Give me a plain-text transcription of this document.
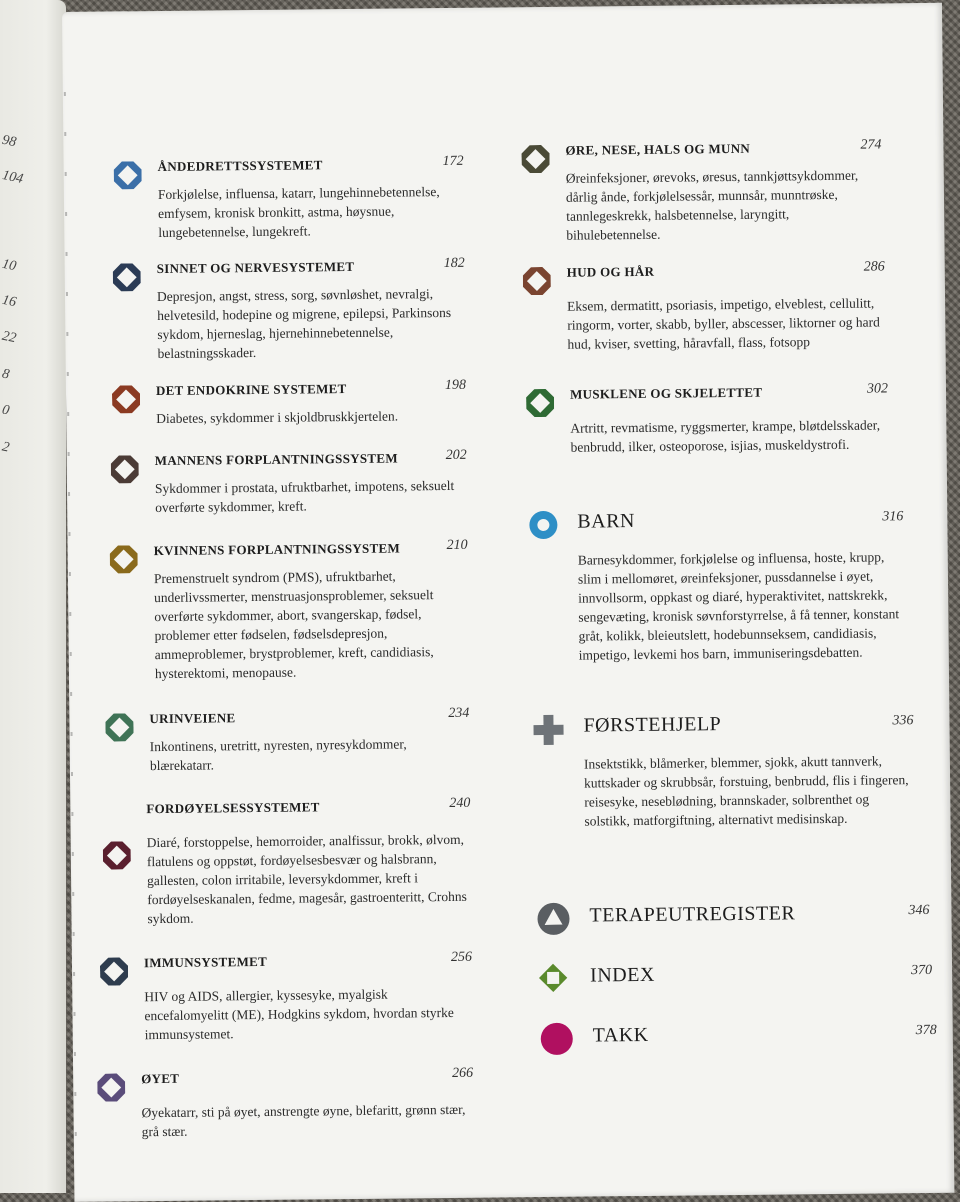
98
104
10
16
22
8
0
2
ÅNDEDRETTSSYSTEMET	172
Forkjølelse, influensa, katarr, lungehinnebetennelse, emfysem, kronisk bronkitt, astma, høysnue, lungebetennelse, lungekreft.
SINNET OG NERVESYSTEMET	182
Depresjon, angst, stress, sorg, søvnløshet, nevralgi, helvetesild, hodepine og migrene, epilepsi, Parkinsons sykdom, hjerneslag, hjernehinnebetennelse, belastningsskader.
DET ENDOKRINE SYSTEMET	198
Diabetes, sykdommer i skjoldbruskkjertelen.
MANNENS FORPLANTNINGSSYSTEM	202
Sykdommer i prostata, ufruktbarhet, impotens, seksuelt overførte sykdommer, kreft.
KVINNENS FORPLANTNINGSSYSTEM	210
Premenstruelt syndrom (PMS), ufruktbarhet, underlivssmerter, menstruasjonsproblemer, seksuelt overførte sykdommer, abort, svangerskap, fødsel, problemer etter fødselen, fødselsdepresjon, ammeproblemer, brystproblemer, kreft, candidiasis, hysterektomi, menopause.
URINVEIENE	234
Inkontinens, uretritt, nyresten, nyresykdommer, blærekatarr.
FORDØYELSESSYSTEMET	240
Diaré, forstoppelse, hemorroider, analfissur, brokk, ølvom, flatulens og oppstøt, fordøyelsesbesvær og halsbrann, gallesten, colon irritabile, leversykdommer, kreft i fordøyelseskanalen, fedme, magesår, gastroenteritt, Crohns sykdom.
IMMUNSYSTEMET	256
HIV og AIDS, allergier, kyssesyke, myalgisk encefalomyelitt (ME), Hodgkins sykdom, hvordan styrke immunsystemet.
ØYET	266
Øyekatarr, sti på øyet, anstrengte øyne, blefaritt, grønn stær, grå stær.
ØRE, NESE, HALS OG MUNN	274
Øreinfeksjoner, ørevoks, øresus, tannkjøttsykdommer, dårlig ånde, forkjølelsessår, munnsår, munntrøske, tannlegeskrekk, halsbetennelse, laryngitt, bihulebetennelse.
HUD OG HÅR	286
Eksem, dermatitt, psoriasis, impetigo, elveblest, cellulitt, ringorm, vorter, skabb, byller, abscesser, liktorner og hard hud, kviser, svetting, håravfall, flass, fotsopp
MUSKLENE OG SKJELETTET	302
Artritt, revmatisme, ryggsmerter, krampe, bløtdelsskader, benbrudd, ilker, osteoporose, isjias, muskeldystrofi.
BARN	316
Barnesykdommer, forkjølelse og influensa, hoste, krupp, slim i mellomøret, øreinfeksjoner, pussdannelse i øyet, innvollsorm, oppkast og diaré, hyperaktivitet, nattskrekk, sengevæting, kronisk søvnforstyrrelse, å få tenner, konstant gråt, kolikk, bleieutslett, hodebunnseksem, candidiasis, impetigo, levkemi hos barn, immuniseringsdebatten.
FØRSTEHJELP	336
Insektstikk, blåmerker, blemmer, sjokk, akutt tannverk, kuttskader og skrubbsår, forstuing, benbrudd, flis i fingeren, reisesyke, neseblødning, brannskader, solbrenthet og solstikk, matforgiftning, alternativt medisinskap.
TERAPEUTREGISTER	346
INDEX	370
TAKK	378
